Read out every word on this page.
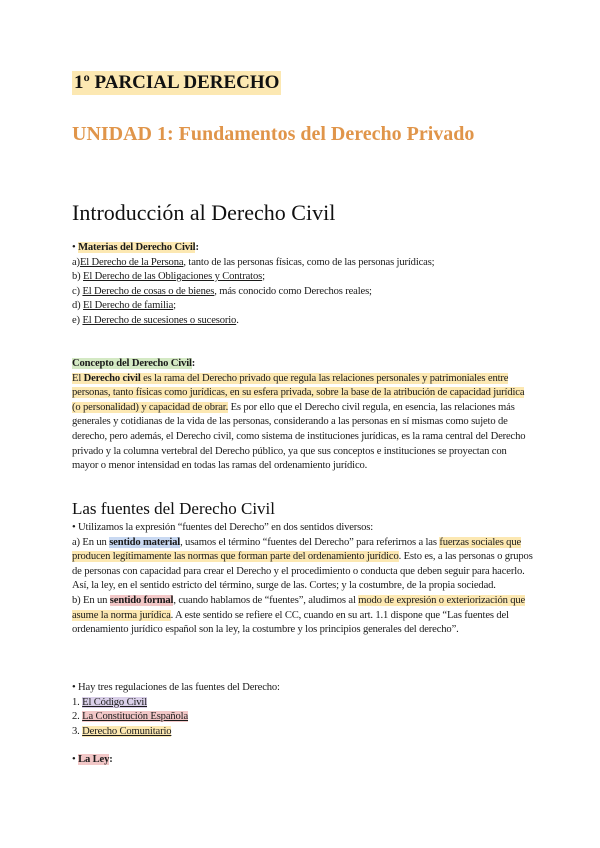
1º PARCIAL DERECHO
UNIDAD 1: Fundamentos del Derecho Privado
Introducción al Derecho Civil

• Materias del Derecho Civil:

a)El Derecho de la Persona, tanto de las personas físicas, como de las personas jurídicas;

b) El Derecho de las Obligaciones y Contratos;

c) El Derecho de cosas o de bienes, más conocido como Derechos reales;

d) El Derecho de familia;

e) El Derecho de sucesiones o sucesorio.

Concepto del Derecho Civil:

El Derecho civil es la rama del Derecho privado que regula las relaciones personales y patrimoniales entre personas, tanto físicas como jurídicas, en su esfera privada, sobre la base de la atribución de capacidad jurídica (o personalidad) y capacidad de obrar. Es por ello que el Derecho civil regula, en esencia, las relaciones más generales y cotidianas de la vida de las personas, considerando a las personas en sí mismas como sujeto de derecho, pero además, el Derecho civil, como sistema de instituciones jurídicas, es la rama central del Derecho privado y la columna vertebral del Derecho público, ya que sus conceptos e instituciones se proyectan con mayor o menor intensidad en todas las ramas del ordenamiento jurídico.

Las fuentes del Derecho Civil

• Utilizamos la expresión “fuentes del Derecho” en dos sentidos diversos:

a) En un sentido material, usamos el término “fuentes del Derecho” para referirnos a las fuerzas sociales que producen legítimamente las normas que forman parte del ordenamiento jurídico. Esto es, a las personas o grupos de personas con capacidad para crear el Derecho y el procedimiento o conducta que deben seguir para hacerlo. Así, la ley, en el sentido estricto del término, surge de las. Cortes; y la costumbre, de la propia sociedad.

b) En un sentido formal, cuando hablamos de “fuentes”, aludimos al modo de expresión o exteriorización que asume la norma jurídica. A este sentido se refiere el CC, cuando en su art. 1.1 dispone que “Las fuentes del ordenamiento jurídico español son la ley, la costumbre y los principios generales del derecho”.

• Hay tres regulaciones de las fuentes del Derecho:

1. El Código Civil

2. La Constitución Española

3. Derecho Comunitario

• La Ley:
